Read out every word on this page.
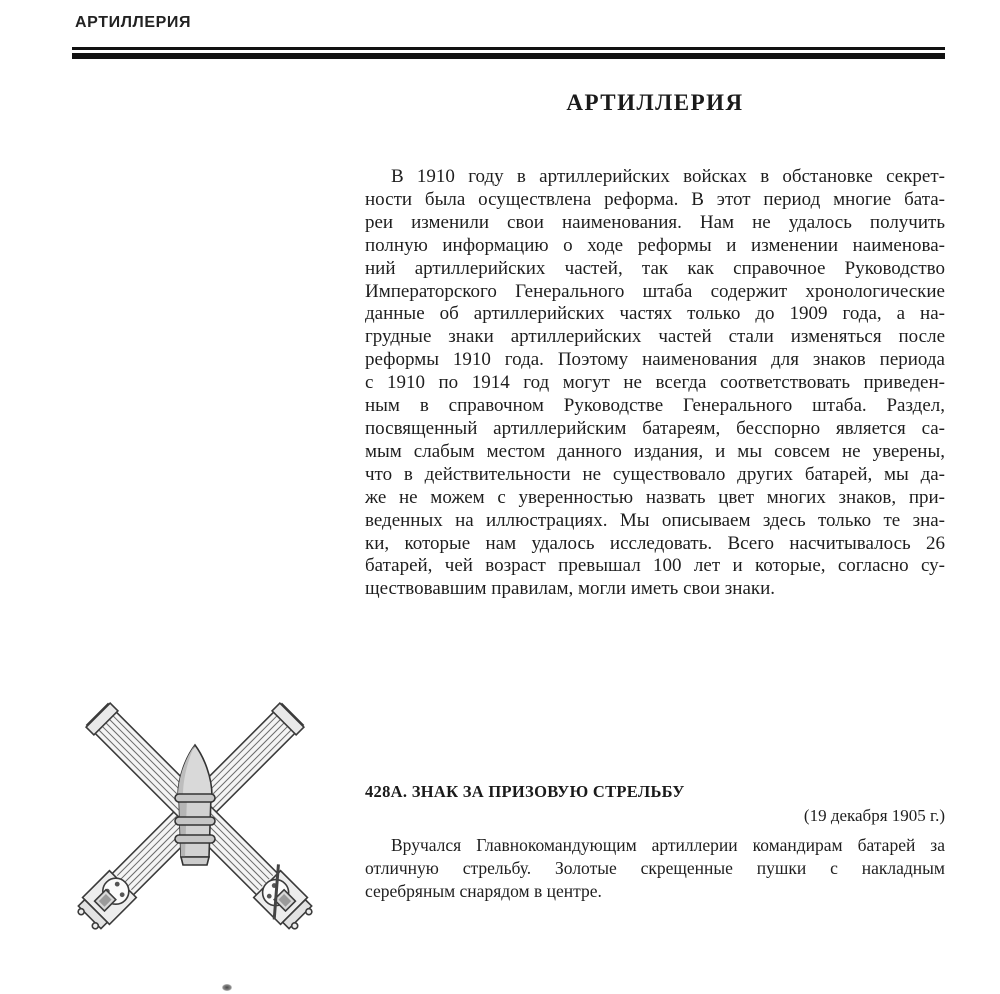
АРТИЛЛЕРИЯ
АРТИЛЛЕРИЯ
В 1910 году в артиллерийских войсках в обстановке секрет-
ности была осуществлена реформа. В этот период многие бата-
реи изменили свои наименования. Нам не удалось получить
полную информацию о ходе реформы и изменении наименова-
ний артиллерийских частей, так как справочное Руководство
Императорского Генерального штаба содержит хронологические
данные об артиллерийских частях только до 1909 года, а на-
грудные знаки артиллерийских частей стали изменяться после
реформы 1910 года. Поэтому наименования для знаков периода
с 1910 по 1914 год могут не всегда соответствовать приведен-
ным в справочном Руководстве Генерального штаба. Раздел,
посвященный артиллерийским батареям, бесспорно является са-
мым слабым местом данного издания, и мы совсем не уверены,
что в действительности не существовало других батарей, мы да-
же не можем с уверенностью назвать цвет многих знаков, при-
веденных на иллюстрациях. Мы описываем здесь только те зна-
ки, которые нам удалось исследовать. Всего насчитывалось 26
батарей, чей возраст превышал 100 лет и которые, согласно су-
ществовавшим правилам, могли иметь свои знаки.
428А. ЗНАК ЗА ПРИЗОВУЮ СТРЕЛЬБУ
(19 декабря 1905 г.)
Вручался Главнокомандующим артиллерии командирам батарей за
отличную стрельбу. Золотые скрещенные пушки с накладным
серебряным снарядом в центре.
